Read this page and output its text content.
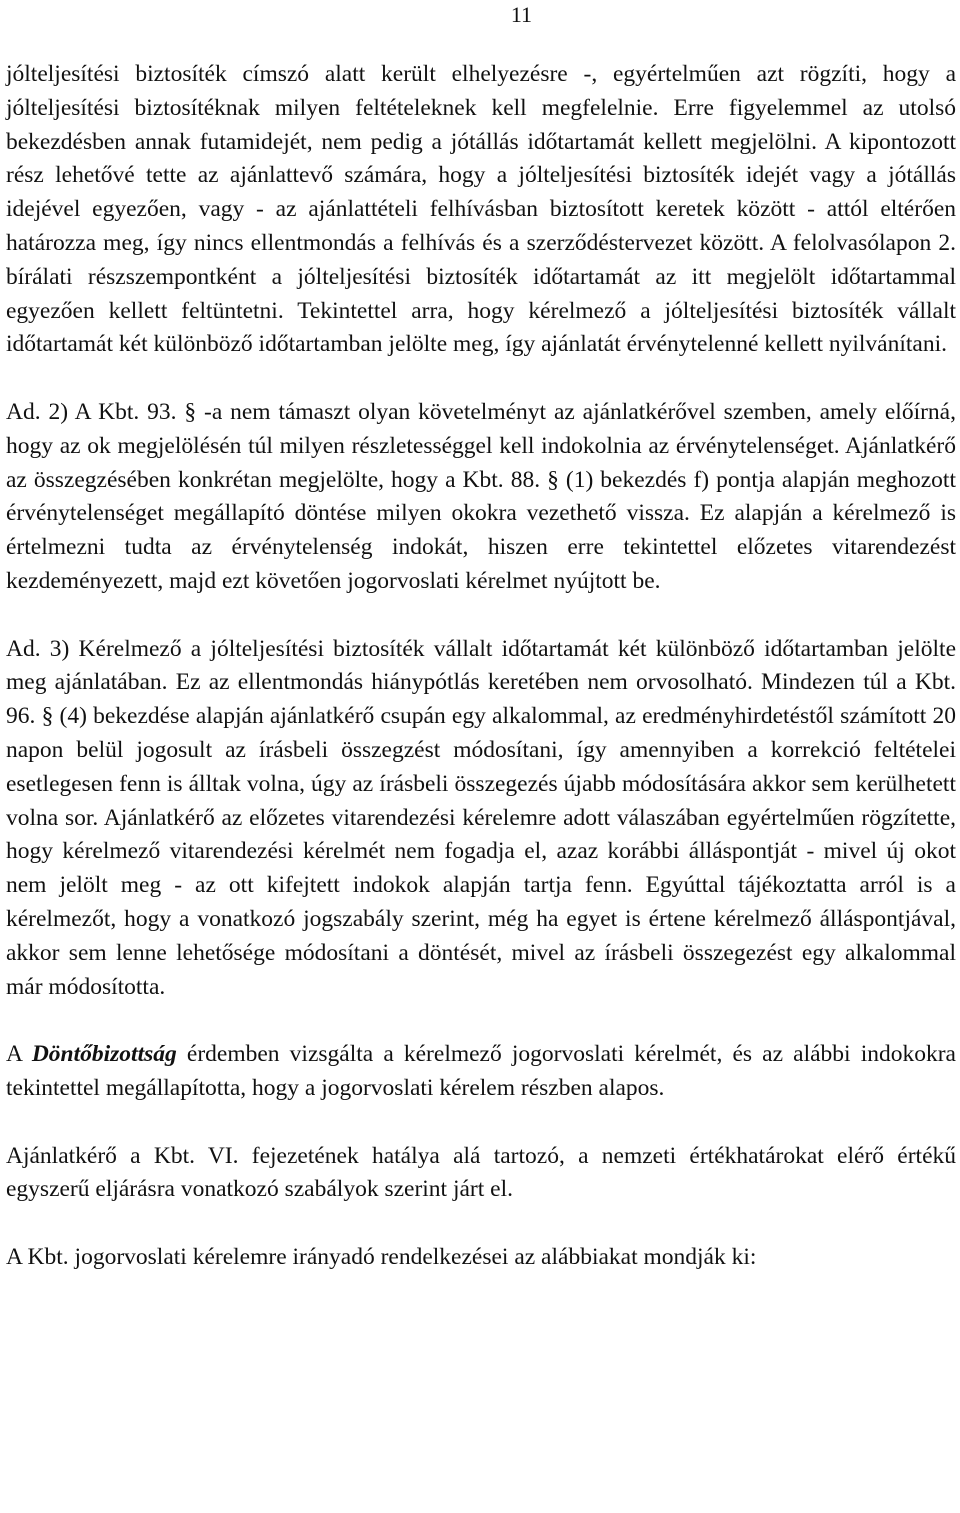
11

jólteljesítési biztosíték címszó alatt került elhelyezésre -, egyértelműen azt rögzíti, hogy a jólteljesítési biztosítéknak milyen feltételeknek kell megfelelnie. Erre figyelemmel az utolsó bekezdésben annak futamidejét, nem pedig a jótállás időtartamát kellett megjelölni. A kipontozott rész lehetővé tette az ajánlattevő számára, hogy a jólteljesítési biztosíték idejét vagy a jótállás idejével egyezően, vagy - az ajánlattételi felhívásban biztosított keretek között - attól eltérően határozza meg, így nincs ellentmondás a felhívás és a szerződéstervezet között. A felolvasólapon 2. bírálati részszempontként a jólteljesítési biztosíték időtartamát az itt megjelölt időtartammal egyezően kellett feltüntetni. Tekintettel arra, hogy kérelmező a jólteljesítési biztosíték vállalt időtartamát két különböző időtartamban jelölte meg, így ajánlatát érvénytelenné kellett nyilvánítani.

Ad. 2) A Kbt. 93. § -a nem támaszt olyan követelményt az ajánlatkérővel szemben, amely előírná, hogy az ok megjelölésén túl milyen részletességgel kell indokolnia az érvénytelenséget. Ajánlatkérő az összegzésében konkrétan megjelölte, hogy a Kbt. 88. § (1) bekezdés f) pontja alapján meghozott érvénytelenséget megállapító döntése milyen okokra vezethető vissza. Ez alapján a kérelmező is értelmezni tudta az érvénytelenség indokát, hiszen erre tekintettel előzetes vitarendezést kezdeményezett, majd ezt követően jogorvoslati kérelmet nyújtott be.

Ad. 3) Kérelmező a jólteljesítési biztosíték vállalt időtartamát két különböző időtartamban jelölte meg ajánlatában. Ez az ellentmondás hiánypótlás keretében nem orvosolható. Mindezen túl a Kbt. 96. § (4) bekezdése alapján ajánlatkérő csupán egy alkalommal, az eredményhirdetéstől számított 20 napon belül jogosult az írásbeli összegzést módosítani, így amennyiben a korrekció feltételei esetlegesen fenn is álltak volna, úgy az írásbeli összegezés újabb módosítására akkor sem kerülhetett volna sor. Ajánlatkérő az előzetes vitarendezési kérelemre adott válaszában egyértelműen rögzítette, hogy kérelmező vitarendezési kérelmét nem fogadja el, azaz korábbi álláspontját - mivel új okot nem jelölt meg - az ott kifejtett indokok alapján tartja fenn. Egyúttal tájékoztatta arról is a kérelmezőt, hogy a vonatkozó jogszabály szerint, még ha egyet is értene kérelmező álláspontjával, akkor sem lenne lehetősége módosítani a döntését, mivel az írásbeli összegezést egy alkalommal már módosította.

A Döntőbizottság érdemben vizsgálta a kérelmező jogorvoslati kérelmét, és az alábbi indokokra tekintettel megállapította, hogy a jogorvoslati kérelem részben alapos.

Ajánlatkérő a Kbt. VI. fejezetének hatálya alá tartozó, a nemzeti értékhatárokat elérő értékű egyszerű eljárásra vonatkozó szabályok szerint járt el.

A Kbt. jogorvoslati kérelemre irányadó rendelkezései az alábbiakat mondják ki:
